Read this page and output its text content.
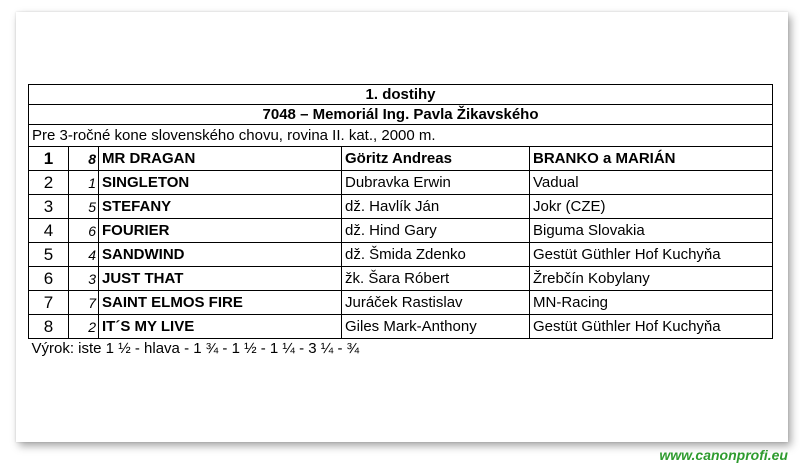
1. dostihy				
7048 – Memoriál Ing. Pavla Žikavského				
Pre 3-ročné kone slovenského chovu, rovina II. kat., 2000 m.				
1	8	MR DRAGAN	Göritz Andreas	BRANKO a MARIÁN
2	1	SINGLETON	Dubravka Erwin	Vadual
3	5	STEFANY	dž. Havlík Ján	Jokr (CZE)
4	6	FOURIER	dž. Hind Gary	Biguma Slovakia
5	4	SANDWIND	dž. Šmida Zdenko	Gestüt Güthler Hof Kuchyňa
6	3	JUST THAT	žk. Šara Róbert	Žrebčín Kobylany
7	7	SAINT ELMOS FIRE	Juráček Rastislav	MN-Racing
8	2	IT´S MY LIVE	Giles Mark-Anthony	Gestüt Güthler Hof Kuchyňa
Výrok: iste 1 ½ - hlava - 1 ¾ - 1 ½ - 1 ¼ - 3 ¼ - ¾				
www.canonprofi.eu
